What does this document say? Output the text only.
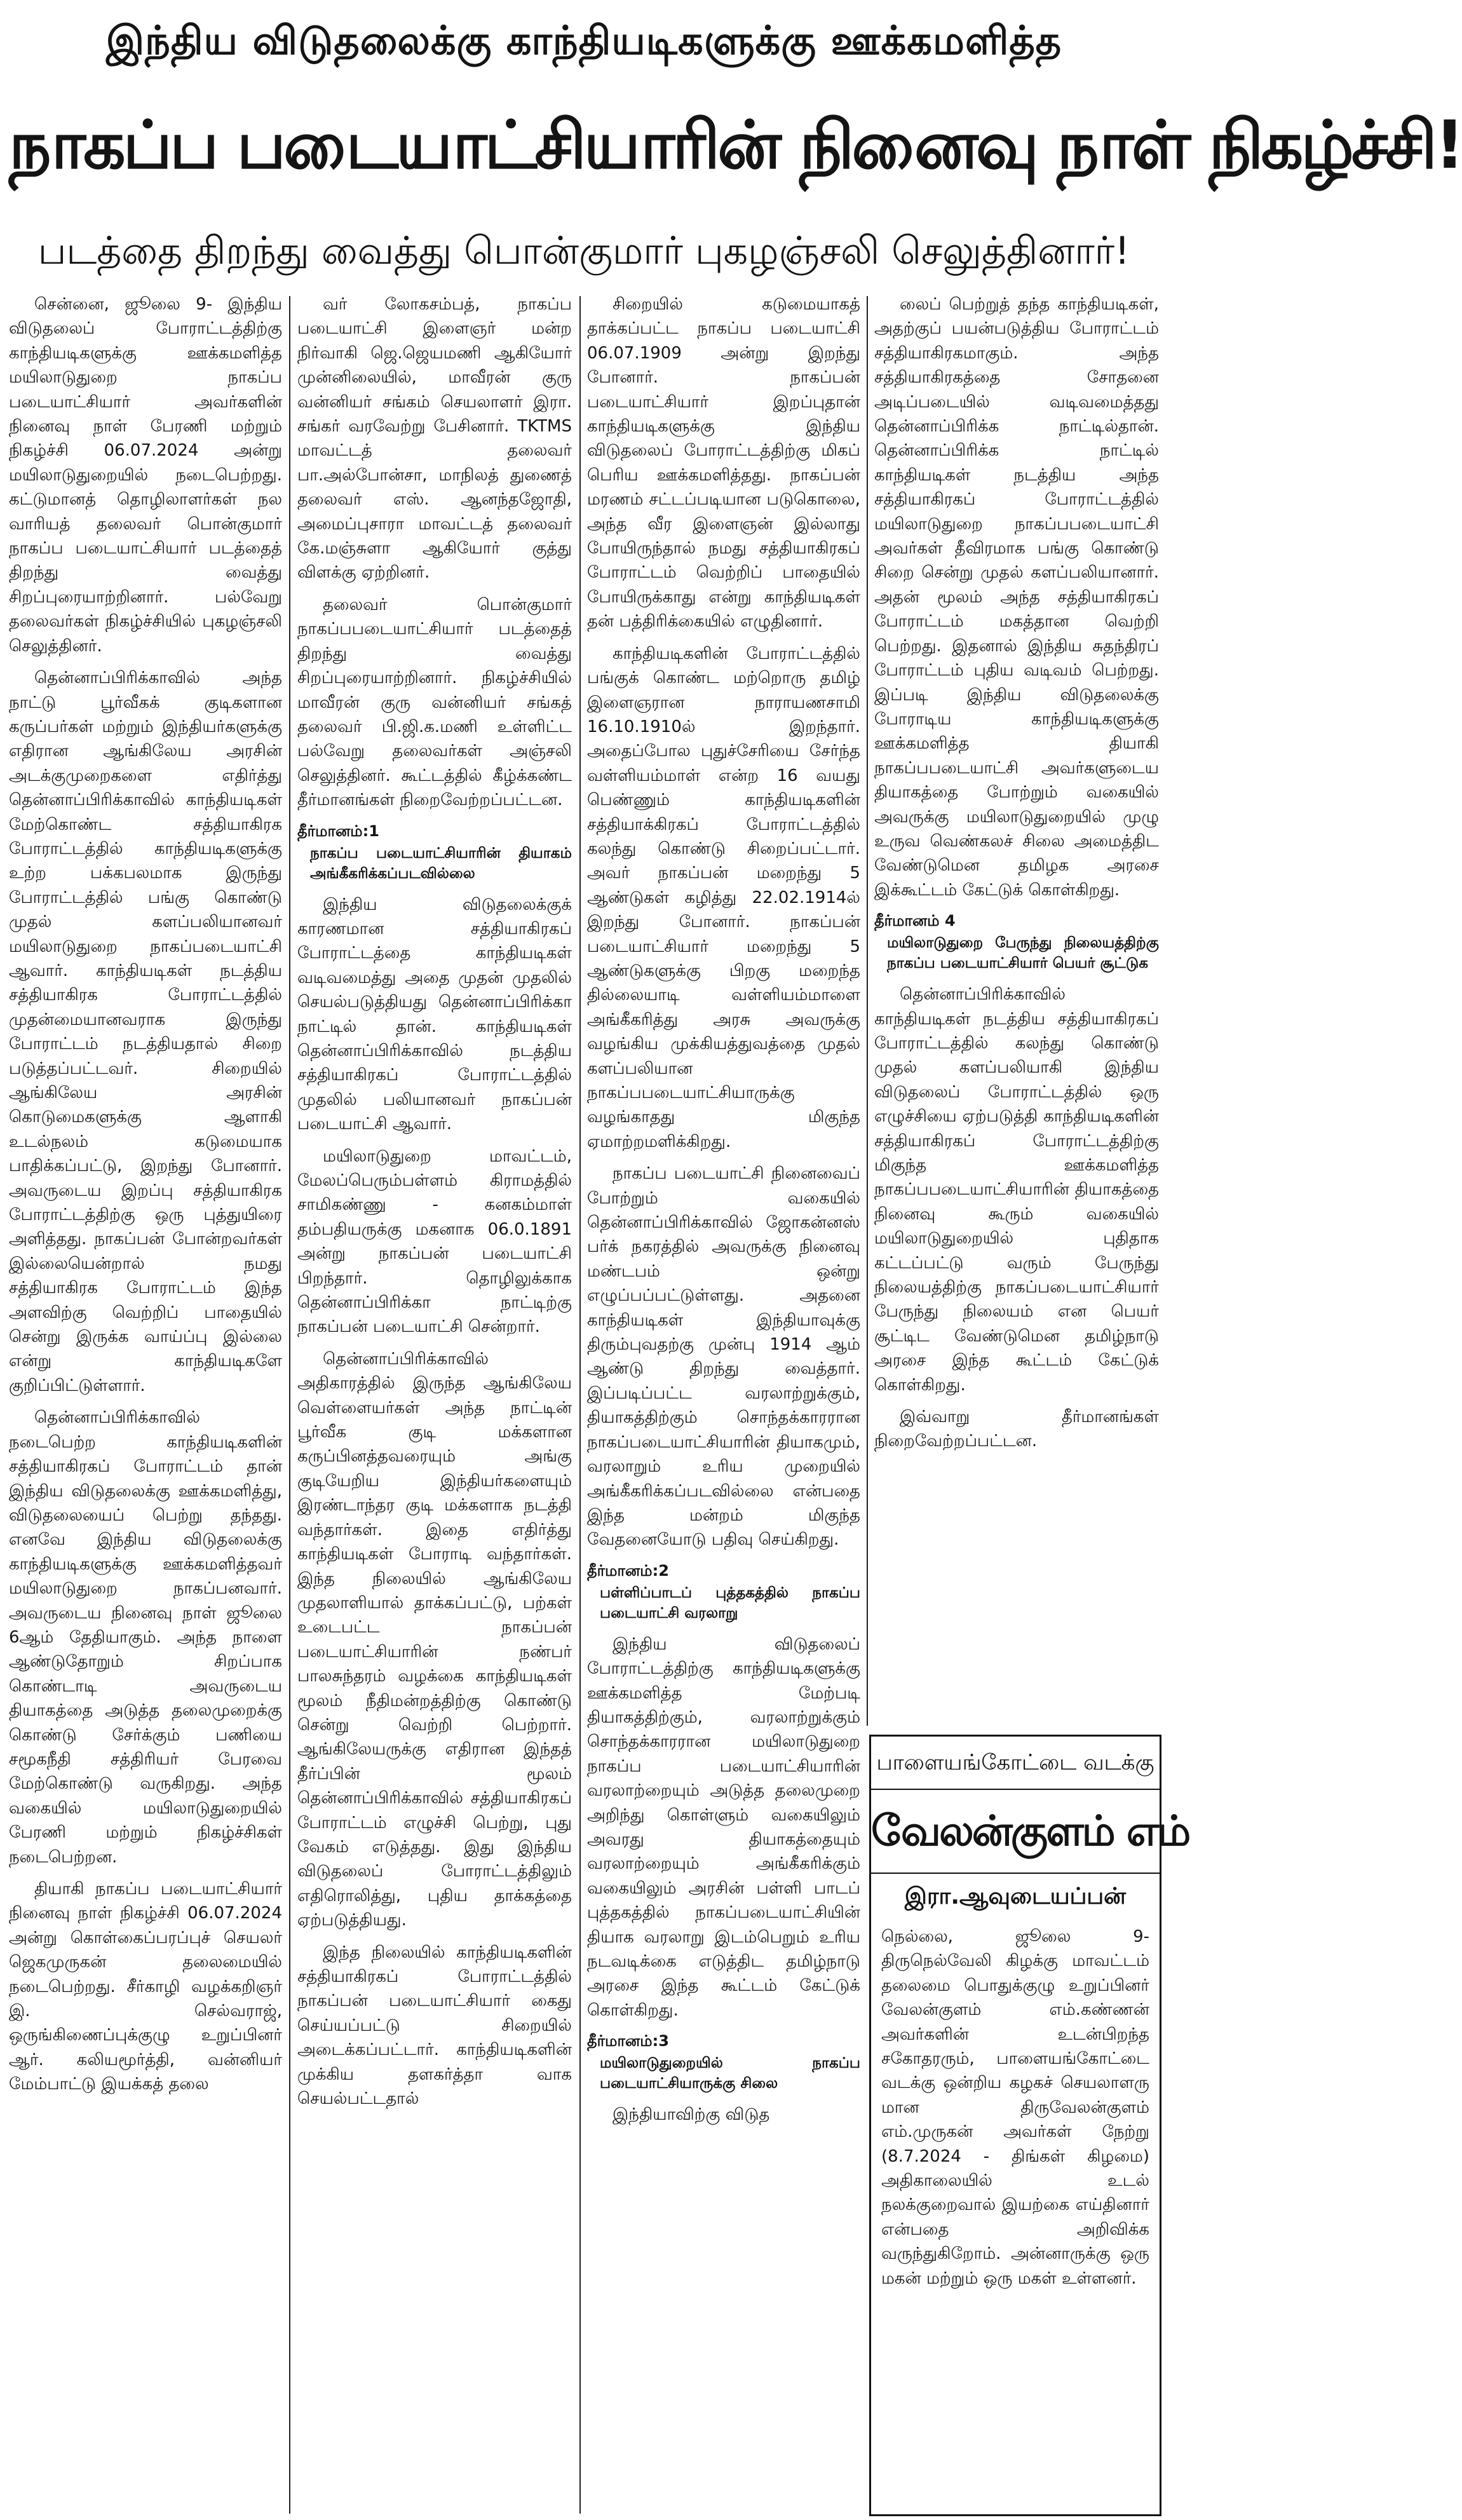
இந்திய விடுதலைக்கு காந்தியடிகளுக்கு ஊக்கமளித்த
நாகப்ப படையாட்சியாரின் நினைவு நாள் நிகழ்ச்சி!
படத்தை திறந்து வைத்து பொன்குமார் புகழஞ்சலி செலுத்தினார்!

சென்னை, ஜூலை 9- இந்திய விடுதலைப் போராட்டத்திற்கு காந்தியடிகளுக்கு ஊக்கமளித்த மயிலாடுதுறை நாகப்ப படையாட்சியார் அவர்களின் நினைவு நாள் பேரணி மற்றும் நிகழ்ச்சி 06.07.2024 அன்று மயிலாடுதுறையில் நடைபெற்றது. கட்டுமானத் தொழிலாளர்கள் நல வாரியத் தலைவர் பொன்குமார் நாகப்ப படையாட்சியார் படத்தைத் திறந்து வைத்து சிறப்புரையாற்றினார். பல்வேறு தலைவர்கள் நிகழ்ச்சியில் புகழஞ்சலி செலுத்தினர்.

தென்னாப்பிரிக்காவில் அந்த நாட்டு பூர்வீகக் குடிகளான கருப்பர்கள் மற்றும் இந்தியர்களுக்கு எதிரான ஆங்கிலேய அரசின் அடக்குமுறைகளை எதிர்த்து தென்னாப்பிரிக்காவில் காந்தியடிகள் மேற்கொண்ட சத்தியாகிரக போராட்டத்தில் காந்தியடிகளுக்கு உற்ற பக்கபலமாக இருந்து போராட்டத்தில் பங்கு கொண்டு முதல் களப்பலியானவர் மயிலாடுதுறை நாகப்படையாட்சி ஆவார். காந்தியடிகள் நடத்திய சத்தியாகிரக போராட்டத்தில் முதன்மையானவராக இருந்து போராட்டம் நடத்தியதால் சிறை படுத்தப்பட்டவர். சிறையில் ஆங்கிலேய அரசின் கொடுமைகளுக்கு ஆளாகி உடல்நலம் கடுமையாக பாதிக்கப்பட்டு, இறந்து போனார். அவருடைய இறப்பு சத்தியாகிரக போராட்டத்திற்கு ஒரு புத்துயிரை அளித்தது. நாகப்பன் போன்றவர்கள் இல்லையென்றால் நமது சத்தியாகிரக போராட்டம் இந்த அளவிற்கு வெற்றிப் பாதையில் சென்று இருக்க வாய்ப்பு இல்லை என்று காந்தியடிகளே குறிப்பிட்டுள்ளார்.

தென்னாப்பிரிக்காவில் நடைபெற்ற காந்தியடிகளின் சத்தியாகிரகப் போராட்டம் தான் இந்திய விடுதலைக்கு ஊக்கமளித்து, விடுதலையைப் பெற்று தந்தது. எனவே இந்திய விடுதலைக்கு காந்தியடிகளுக்கு ஊக்கமளித்தவர் மயிலாடுதுறை நாகப்பனவார். அவருடைய நினைவு நாள் ஜூலை 6ஆம் தேதியாகும். அந்த நாளை ஆண்டுதோறும் சிறப்பாக கொண்டாடி அவருடைய தியாகத்தை அடுத்த தலைமுறைக்கு கொண்டு சேர்க்கும் பணியை சமூகநீதி சத்திரியர் பேரவை மேற்கொண்டு வருகிறது. அந்த வகையில் மயிலாடுதுறையில் பேரணி மற்றும் நிகழ்ச்சிகள் நடைபெற்றன.

தியாகி நாகப்ப படையாட்சியார் நினைவு நாள் நிகழ்ச்சி 06.07.2024 அன்று கொள்கைப்பரப்புச் செயலர் ஜெகமுருகன் தலைமையில் நடைபெற்றது. சீர்காழி வழக்கறிஞர் இ. செல்வராஜ், ஒருங்கிணைப்புக்குழு உறுப்பினர் ஆர். கலியமூர்த்தி, வன்னியர் மேம்பாட்டு இயக்கத் தலை

வர் லோகசம்பத், நாகப்ப படையாட்சி இளைஞர் மன்ற நிர்வாகி ஜெ.ஜெயமணி ஆகியோர் முன்னிலையில், மாவீரன் குரு வன்னியர் சங்கம் செயலாளர் இரா. சங்கர் வரவேற்று பேசினார். TKTMS மாவட்டத் தலைவர் பா.அல்போன்சா, மாநிலத் துணைத் தலைவர் எஸ். ஆனந்தஜோதி, அமைப்புசாரா மாவட்டத் தலைவர் கே.மஞ்சுளா ஆகியோர் குத்து விளக்கு ஏற்றினர்.

தலைவர் பொன்குமார் நாகப்பபடையாட்சியார் படத்தைத் திறந்து வைத்து சிறப்புரையாற்றினார். நிகழ்ச்சியில் மாவீரன் குரு வன்னியர் சங்கத் தலைவர் பி.ஜி.க.மணி உள்ளிட்ட பல்வேறு தலைவர்கள் அஞ்சலி செலுத்தினர். கூட்டத்தில் கீழ்க்கண்ட தீர்மானங்கள் நிறைவேற்றப்பட்டன.

தீர்மானம்:1
நாகப்ப படையாட்சியாரின் தியாகம் அங்கீகரிக்கப்படவில்லை

இந்திய விடுதலைக்குக் காரணமான சத்தியாகிரகப் போராட்டத்தை காந்தியடிகள் வடிவமைத்து அதை முதன் முதலில் செயல்படுத்தியது தென்னாப்பிரிக்கா நாட்டில் தான். காந்தியடிகள் தென்னாப்பிரிக்காவில் நடத்திய சத்தியாகிரகப் போராட்டத்தில் முதலில் பலியானவர் நாகப்பன் படையாட்சி ஆவார்.

மயிலாடுதுறை மாவட்டம், மேலப்பெரும்பள்ளம் கிராமத்தில் சாமிகண்ணு - கனகம்மாள் தம்பதியருக்கு மகனாக 06.0.1891 அன்று நாகப்பன் படையாட்சி பிறந்தார். தொழிலுக்காக தென்னாப்பிரிக்கா நாட்டிற்கு நாகப்பன் படையாட்சி சென்றார்.

தென்னாப்பிரிக்காவில் அதிகாரத்தில் இருந்த ஆங்கிலேய வெள்ளையர்கள் அந்த நாட்டின் பூர்வீக குடி மக்களான கருப்பினத்தவரையும் அங்கு குடியேறிய இந்தியர்களையும் இரண்டாந்தர குடி மக்களாக நடத்தி வந்தார்கள். இதை எதிர்த்து காந்தியடிகள் போராடி வந்தார்கள். இந்த நிலையில் ஆங்கிலேய முதலாளியால் தாக்கப்பட்டு, பற்கள் உடைபட்ட நாகப்பன் படையாட்சியாரின் நண்பர் பாலசுந்தரம் வழக்கை காந்தியடிகள் மூலம் நீதிமன்றத்திற்கு கொண்டு சென்று வெற்றி பெற்றார். ஆங்கிலேயருக்கு எதிரான இந்தத் தீர்ப்பின் மூலம் தென்னாப்பிரிக்காவில் சத்தியாகிரகப் போராட்டம் எழுச்சி பெற்று, புது வேகம் எடுத்தது. இது இந்திய விடுதலைப் போராட்டத்திலும் எதிரொலித்து, புதிய தாக்கத்தை ஏற்படுத்தியது.

இந்த நிலையில் காந்தியடிகளின் சத்தியாகிரகப் போராட்டத்தில் நாகப்பன் படையாட்சியார் கைது செய்யப்பட்டு சிறையில் அடைக்கப்பட்டார். காந்தியடிகளின் முக்கிய தளகர்த்தா வாக செயல்பட்டதால்

சிறையில் கடுமையாகத் தாக்கப்பட்ட நாகப்ப படையாட்சி 06.07.1909 அன்று இறந்து போனார். நாகப்பன் படையாட்சியார் இறப்புதான் காந்தியடிகளுக்கு இந்திய விடுதலைப் போராட்டத்திற்கு மிகப் பெரிய ஊக்கமளித்தது. நாகப்பன் மரணம் சட்டப்படியான படுகொலை, அந்த வீர இளைஞன் இல்லாது போயிருந்தால் நமது சத்தியாகிரகப் போராட்டம் வெற்றிப் பாதையில் போயிருக்காது என்று காந்தியடிகள் தன் பத்திரிக்கையில் எழுதினார்.

காந்தியடிகளின் போராட்டத்தில் பங்குக் கொண்ட மற்றொரு தமிழ் இளைஞரான நாராயணசாமி 16.10.1910ல் இறந்தார். அதைப்போல புதுச்சேரியை சேர்ந்த வள்ளியம்மாள் என்ற 16 வயது பெண்ணும் காந்தியடிகளின் சத்தியாக்கிரகப் போராட்டத்தில் கலந்து கொண்டு சிறைப்பட்டார். அவர் நாகப்பன் மறைந்து 5 ஆண்டுகள் கழித்து 22.02.1914ல் இறந்து போனார். நாகப்பன் படையாட்சியார் மறைந்து 5 ஆண்டுகளுக்கு பிறகு மறைந்த தில்லையாடி வள்ளியம்மாளை அங்கீகரித்து அரசு அவருக்கு வழங்கிய முக்கியத்துவத்தை முதல் களப்பலியான நாகப்பபடையாட்சியாருக்கு வழங்காதது மிகுந்த ஏமாற்றமளிக்கிறது.

நாகப்ப படையாட்சி நினைவைப் போற்றும் வகையில் தென்னாப்பிரிக்காவில் ஜோகன்னஸ் பர்க் நகரத்தில் அவருக்கு நினைவு மண்டபம் ஒன்று எழுப்பப்பட்டுள்ளது. அதனை காந்தியடிகள் இந்தியாவுக்கு திரும்புவதற்கு முன்பு 1914 ஆம் ஆண்டு திறந்து வைத்தார். இப்படிப்பட்ட வரலாற்றுக்கும், தியாகத்திற்கும் சொந்தக்காரரான நாகப்படையாட்சியாரின் தியாகமும், வரலாறும் உரிய முறையில் அங்கீகரிக்கப்படவில்லை என்பதை இந்த மன்றம் மிகுந்த வேதனையோடு பதிவு செய்கிறது.

தீர்மானம்:2
பள்ளிப்பாடப் புத்தகத்தில் நாகப்ப படையாட்சி வரலாறு

இந்திய விடுதலைப் போராட்டத்திற்கு காந்தியடிகளுக்கு ஊக்கமளித்த மேற்படி தியாகத்திற்கும், வரலாற்றுக்கும் சொந்தக்காரரான மயிலாடுதுறை நாகப்ப படையாட்சியாரின் வரலாற்றையும் அடுத்த தலைமுறை அறிந்து கொள்ளும் வகையிலும் அவரது தியாகத்தையும் வரலாற்றையும் அங்கீகரிக்கும் வகையிலும் அரசின் பள்ளி பாடப் புத்தகத்தில் நாகப்படையாட்சியின் தியாக வரலாறு இடம்பெறும் உரிய நடவடிக்கை எடுத்திட தமிழ்நாடு அரசை இந்த கூட்டம் கேட்டுக் கொள்கிறது.

தீர்மானம்:3
மயிலாடுதுறையில் நாகப்ப படையாட்சியாருக்கு சிலை

இந்தியாவிற்கு விடுத

லைப் பெற்றுத் தந்த காந்தியடிகள், அதற்குப் பயன்படுத்திய போராட்டம் சத்தியாகிரகமாகும். அந்த சத்தியாகிரகத்தை சோதனை அடிப்படையில் வடிவமைத்தது தென்னாப்பிரிக்க நாட்டில்தான். தென்னாப்பிரிக்க நாட்டில் காந்தியடிகள் நடத்திய அந்த சத்தியாகிரகப் போராட்டத்தில் மயிலாடுதுறை நாகப்பபடையாட்சி அவர்கள் தீவிரமாக பங்கு கொண்டு சிறை சென்று முதல் களப்பலியானார். அதன் மூலம் அந்த சத்தியாகிரகப் போராட்டம் மகத்தான வெற்றி பெற்றது. இதனால் இந்திய சுதந்திரப் போராட்டம் புதிய வடிவம் பெற்றது. இப்படி இந்திய விடுதலைக்கு போராடிய காந்தியடிகளுக்கு ஊக்கமளித்த தியாகி நாகப்பபடையாட்சி அவர்களுடைய தியாகத்தை போற்றும் வகையில் அவருக்கு மயிலாடுதுறையில் முழு உருவ வெண்கலச் சிலை அமைத்திட வேண்டுமென தமிழக அரசை இக்கூட்டம் கேட்டுக் கொள்கிறது.

தீர்மானம் 4
மயிலாடுதுறை பேருந்து நிலையத்திற்கு நாகப்ப படையாட்சியார் பெயர் சூட்டுக

தென்னாப்பிரிக்காவில் காந்தியடிகள் நடத்திய சத்தியாகிரகப் போராட்டத்தில் கலந்து கொண்டு முதல் களப்பலியாகி இந்திய விடுதலைப் போராட்டத்தில் ஒரு எழுச்சியை ஏற்படுத்தி காந்தியடிகளின் சத்தியாகிரகப் போராட்டத்திற்கு மிகுந்த ஊக்கமளித்த நாகப்பபடையாட்சியாரின் தியாகத்தை நினைவு கூரும் வகையில் மயிலாடுதுறையில் புதிதாக கட்டப்பட்டு வரும் பேருந்து நிலையத்திற்கு நாகப்படையாட்சியார் பேருந்து நிலையம் என பெயர் சூட்டிட வேண்டுமென தமிழ்நாடு அரசை இந்த கூட்டம் கேட்டுக் கொள்கிறது.

இவ்வாறு தீர்மானங்கள் நிறைவேற்றப்பட்டன.

பாளையங்கோட்டை வடக்கு
வேலன்குளம் எம்
இரா.ஆவுடையப்பன்
நெல்லை, ஜூலை 9- திருநெல்வேலி கிழக்கு மாவட்டம் தலைமை பொதுக்குழு உறுப்பினர் வேலன்குளம் எம்.கண்ணன் அவர்களின் உடன்பிறந்த சகோதரரும், பாளையங்கோட்டை வடக்கு ஒன்றிய கழகச் செயலாளரு மான திருவேலன்குளம் எம்.முருகன் அவர்கள் நேற்று (8.7.2024 - திங்கள் கிழமை) அதிகாலையில் உடல் நலக்குறைவால் இயற்கை எய்தினார் என்பதை அறிவிக்க வருந்துகிறோம். அன்னாருக்கு ஒரு மகன் மற்றும் ஒரு மகள் உள்ளனர்.
